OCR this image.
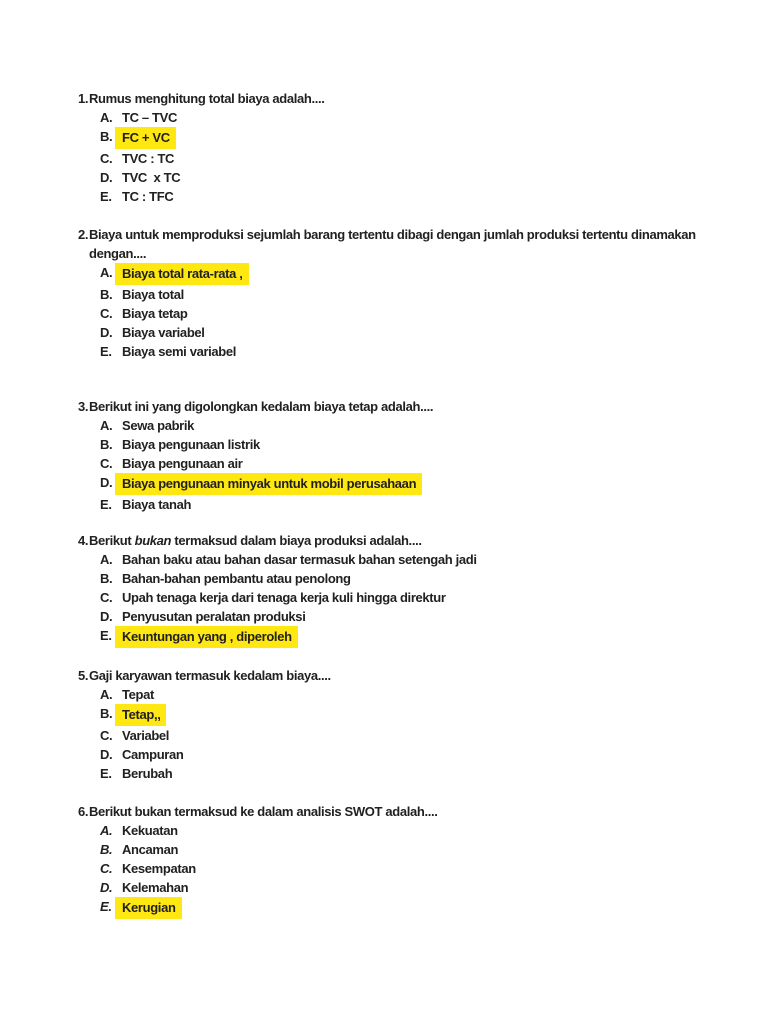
1. Rumus menghitung total biaya adalah....
A. TC – TVC
B. FC + VC
C. TVC : TC
D. TVC  x TC
E. TC : TFC
2. Biaya untuk memproduksi sejumlah barang tertentu dibagi dengan jumlah produksi tertentu dinamakan
dengan....
A. Biaya total rata-rata ,
B. Biaya total
C. Biaya tetap
D. Biaya variabel
E. Biaya semi variabel
3. Berikut ini yang digolongkan kedalam biaya tetap adalah....
A. Sewa pabrik
B. Biaya pengunaan listrik
C. Biaya pengunaan air
D. Biaya pengunaan minyak untuk mobil perusahaan
E. Biaya tanah
4. Berikut bukan termaksud dalam biaya produksi adalah....
A. Bahan baku atau bahan dasar termasuk bahan setengah jadi
B. Bahan-bahan pembantu atau penolong
C. Upah tenaga kerja dari tenaga kerja kuli hingga direktur
D. Penyusutan peralatan produksi
E. Keuntungan yang , diperoleh
5. Gaji karyawan termasuk kedalam biaya....
A. Tepat
B. Tetap,,
C. Variabel
D. Campuran
E. Berubah
6. Berikut bukan termaksud ke dalam analisis SWOT adalah....
A. Kekuatan
B. Ancaman
C. Kesempatan
D. Kelemahan
E. Kerugian
